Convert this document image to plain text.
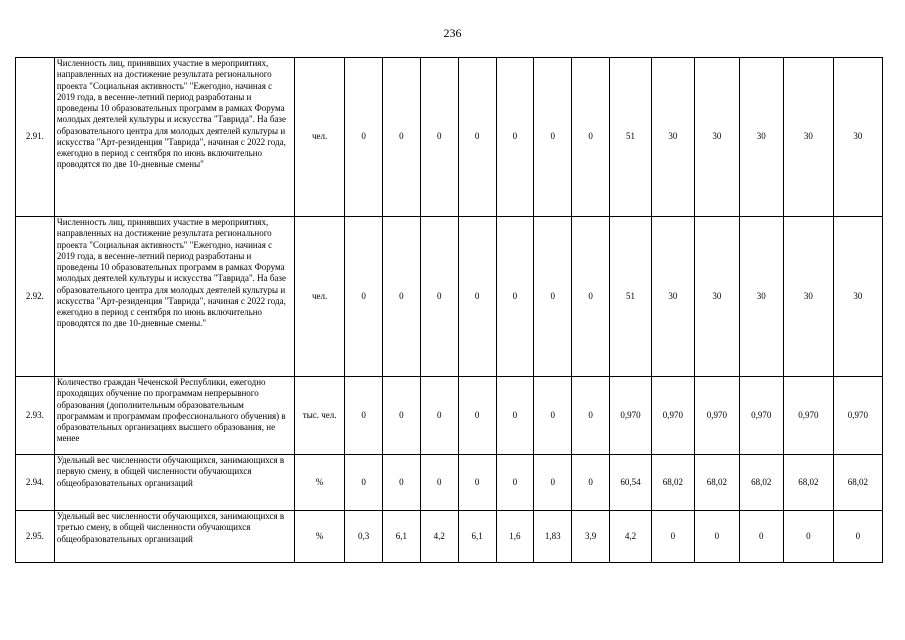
236
2.91.	Численность лиц, принявших участие в мероприятиях, направленных на достижение результата регионального проекта "Социальная активность" "Ежегодно, начиная с 2019 года, в весенне-летний период разработаны и проведены 10 образовательных программ в рамках Форума молодых деятелей культуры и искусства "Таврида". На базе образовательного центра для молодых деятелей культуры и искусства "Арт-резиденция "Таврида", начиная с 2022 года, ежегодно в период с сентября по июнь включительно проводятся по две 10-дневные смены"	чел.	0	0	0	0	0	0	0	51	30	30	30	30	30
2.92.	Численность лиц, принявших участие в мероприятиях, направленных на достижение результата регионального проекта "Социальная активность" "Ежегодно, начиная с 2019 года, в весенне-летний период разработаны и проведены 10 образовательных программ в рамках Форума молодых деятелей культуры и искусства "Таврида". На базе образовательного центра для молодых деятелей культуры и искусства "Арт-резиденция "Таврида", начиная с 2022 года, ежегодно в период с сентября по июнь включительно проводятся по две 10-дневные смены."	чел.	0	0	0	0	0	0	0	51	30	30	30	30	30
2.93.	Количество граждан Чеченской Республики, ежегодно проходящих обучение по программам непрерывного образования (дополнительным образовательным программам и программам профессионального обучения) в образовательных организациях высшего образования, не менее	тыс. чел.	0	0	0	0	0	0	0	0,970	0,970	0,970	0,970	0,970	0,970
2.94.	Удельный вес численности обучающихся, занимающихся в первую смену, в общей численности обучающихся общеобразовательных организаций	%	0	0	0	0	0	0	0	60,54	68,02	68,02	68,02	68,02	68,02
2.95.	Удельный вес численности обучающихся, занимающихся в третью смену, в общей численности обучающихся общеобразовательных организаций	%	0,3	6,1	4,2	6,1	1,6	1,83	3,9	4,2	0	0	0	0	0
